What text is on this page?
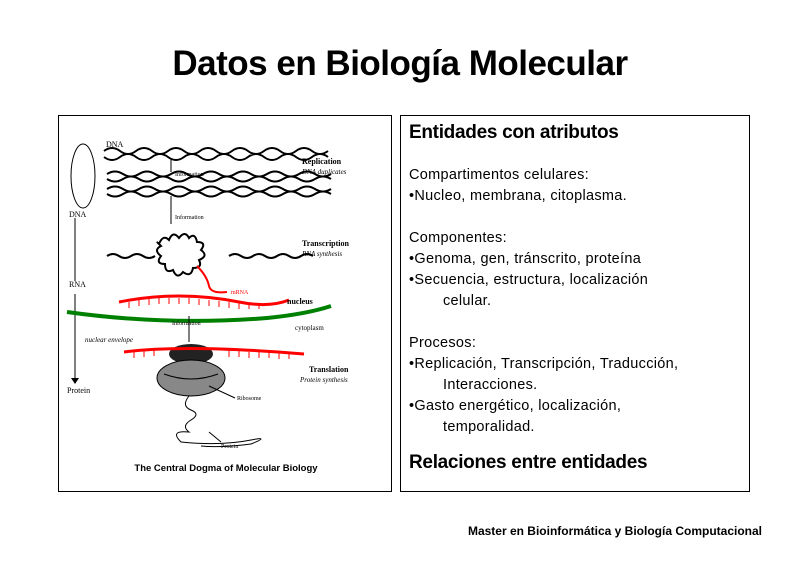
Datos en Biología Molecular
DNA
DNA
RNA
Protein
Replication
DNA duplicates
Transcription
RNA synthesis
Translation
Protein synthesis
Information
Information
Information
mRNA
nucleus
cytoplasm
nuclear envelope
Ribosome
Protein
The Central Dogma of Molecular Biology
Entidades con atributos
Compartimentos celulares:
•Nucleo, membrana, citoplasma.
Componentes:
•Genoma, gen, tránscrito, proteína
•Secuencia, estructura, localización
celular.
Procesos:
•Replicación, Transcripción, Traducción,
Interacciones.
•Gasto energético, localización,
temporalidad.
Relaciones entre entidades
Master en Bioinformática y Biología Computacional
